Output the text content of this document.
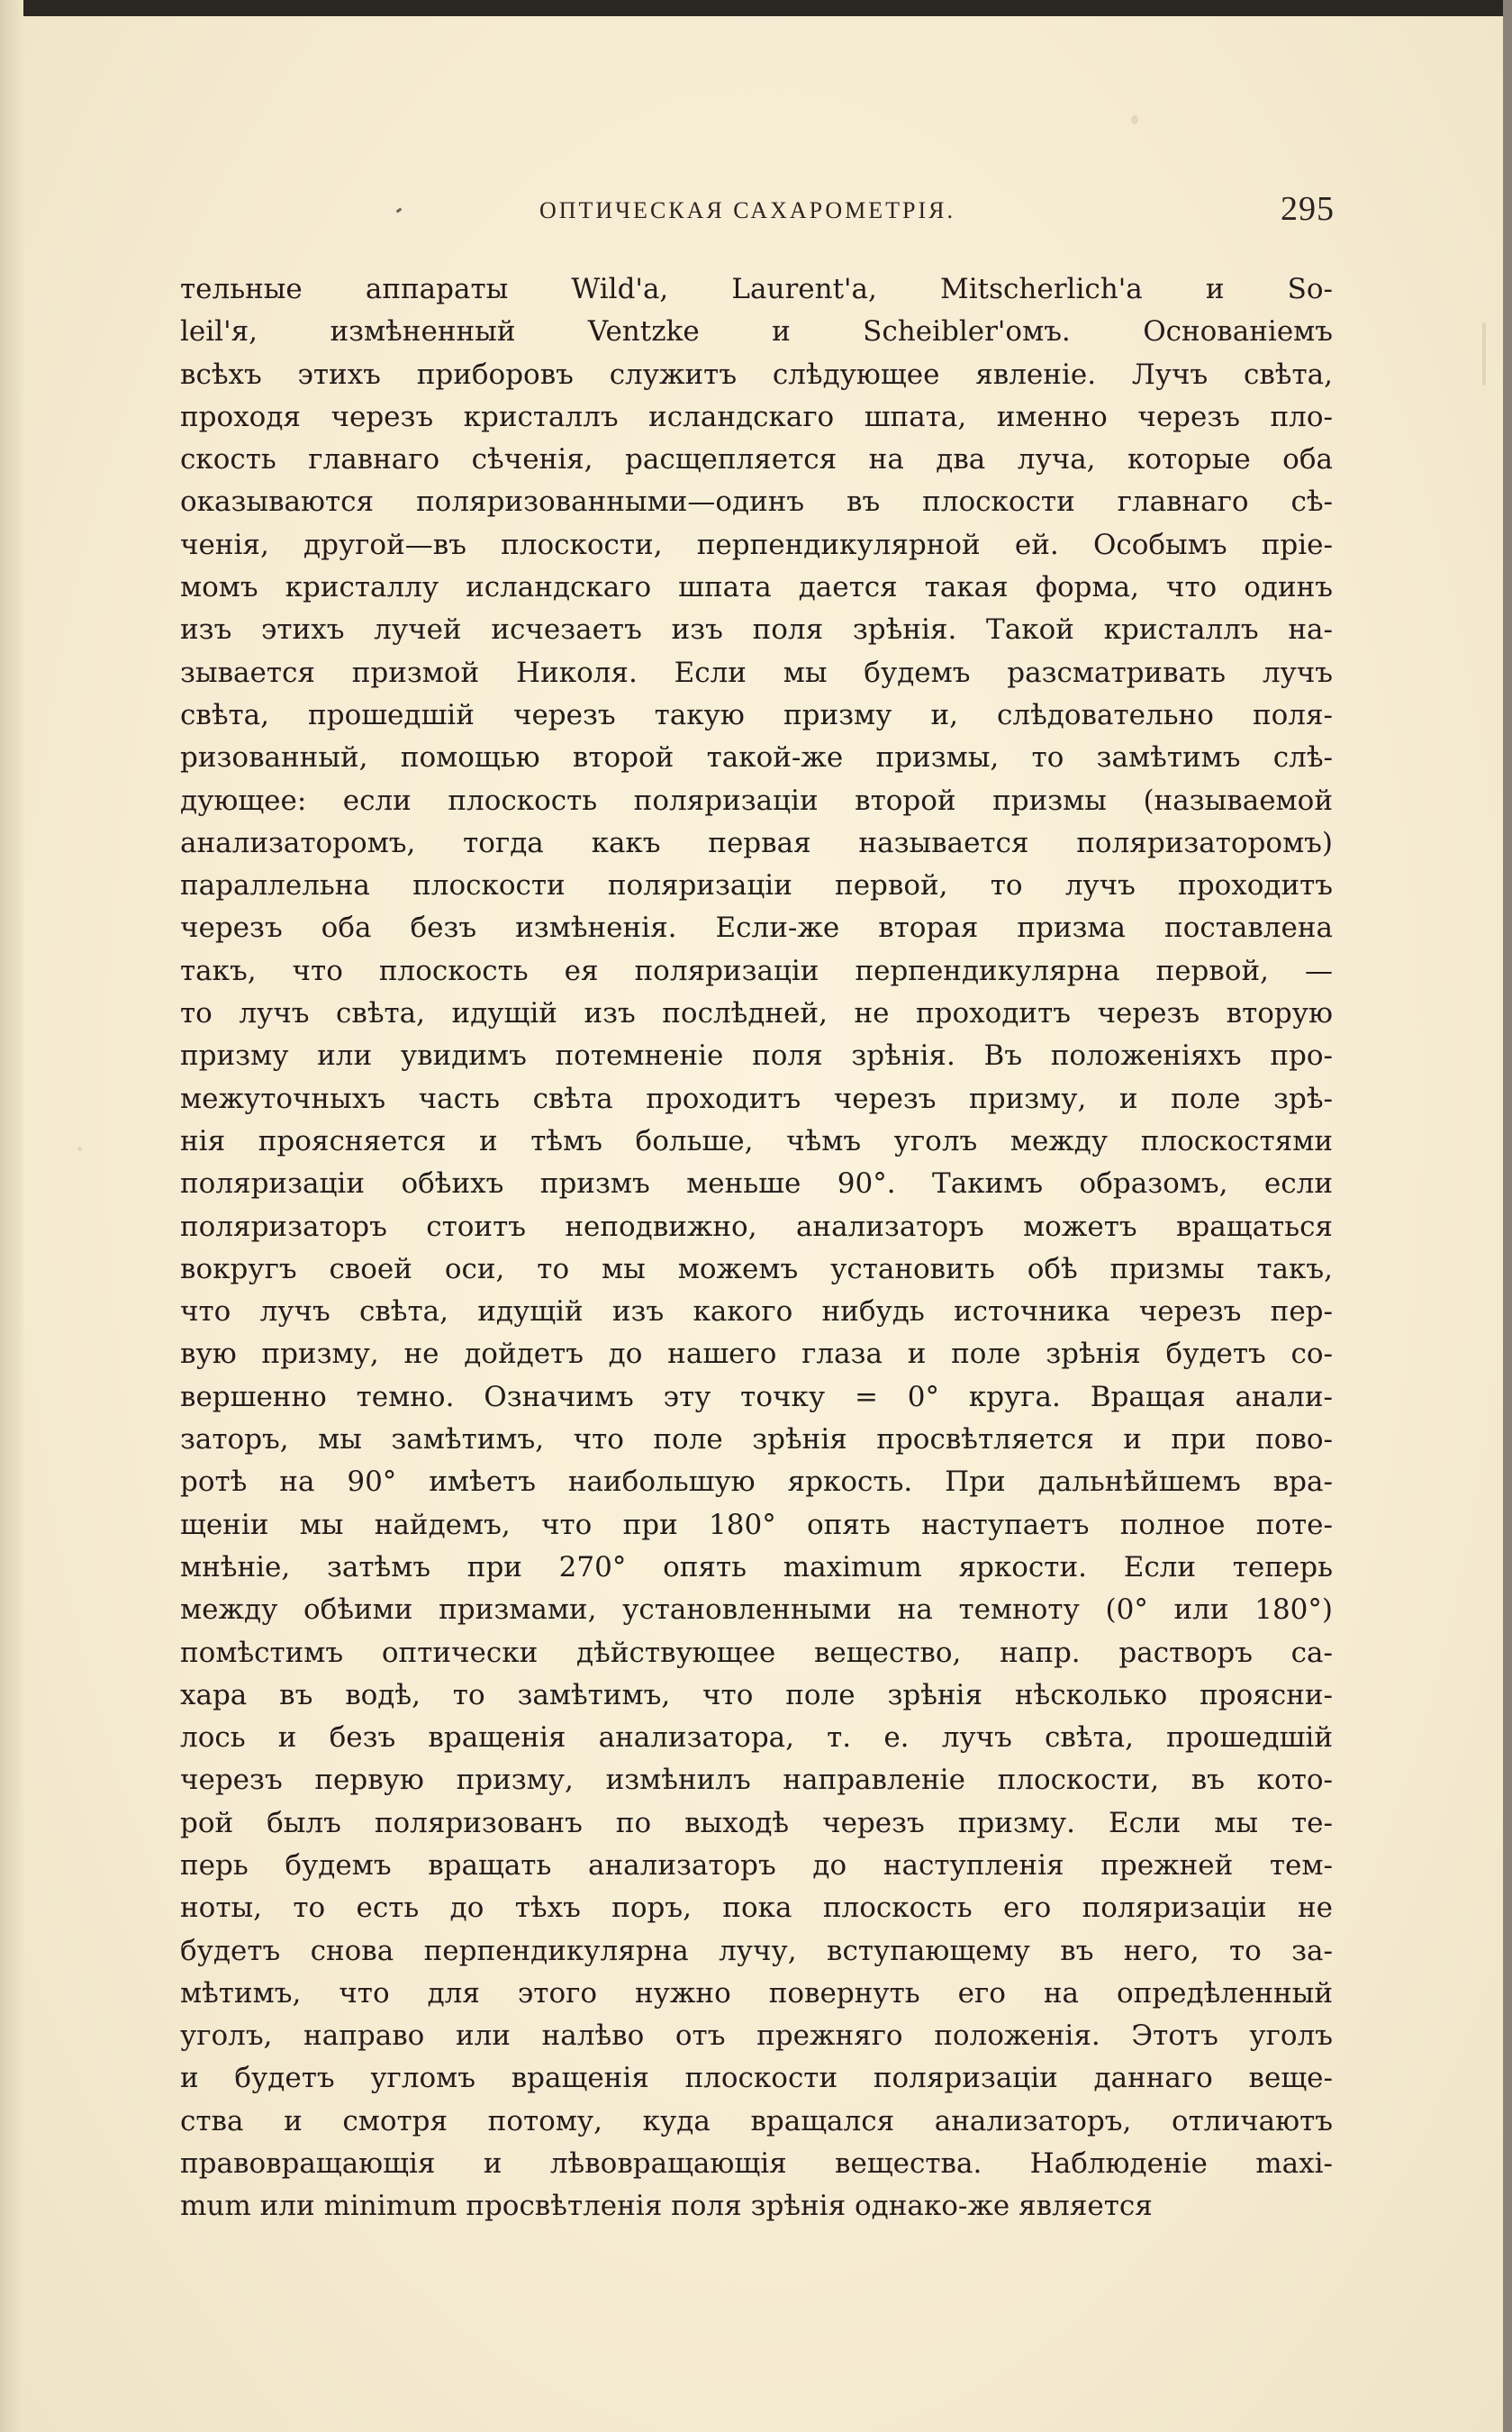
ОПТИЧЕСКАЯ САХАРОМЕТРІЯ.	295
тельные аппараты Wild'a, Laurent'a, Mitscherlich'a и So-
leil'я, измѣненный Ventzke и Scheibler'омъ. Основаніемъ
всѣхъ этихъ приборовъ служитъ слѣдующее явленіе. Лучъ свѣта,
проходя черезъ кристаллъ исландскаго шпата, именно черезъ пло-
скость главнаго сѣченія, расщепляется на два луча, которые оба
оказываются поляризованными—одинъ въ плоскости главнаго сѣ-
ченія, другой—въ плоскости, перпендикулярной ей. Особымъ пріе-
момъ кристаллу исландскаго шпата дается такая форма, что одинъ
изъ этихъ лучей исчезаетъ изъ поля зрѣнія. Такой кристаллъ на-
зывается призмой Николя. Если мы будемъ разсматривать лучъ
свѣта, прошедшій черезъ такую призму и, слѣдовательно поля-
ризованный, помощью второй такой-же призмы, то замѣтимъ слѣ-
дующее: если плоскость поляризаціи второй призмы (называемой
анализаторомъ, тогда какъ первая называется поляризаторомъ)
параллельна плоскости поляризаціи первой, то лучъ проходитъ
черезъ оба безъ измѣненія. Если-же вторая призма поставлена
такъ, что плоскость ея поляризаціи перпендикулярна первой, —
то лучъ свѣта, идущій изъ послѣдней, не проходитъ черезъ вторую
призму или увидимъ потемненіе поля зрѣнія. Въ положеніяхъ про-
межуточныхъ часть свѣта проходитъ черезъ призму, и поле зрѣ-
нія проясняется и тѣмъ больше, чѣмъ уголъ между плоскостями
поляризаціи обѣихъ призмъ меньше 90°. Такимъ образомъ, если
поляризаторъ стоитъ неподвижно, анализаторъ можетъ вращаться
вокругъ своей оси, то мы можемъ установить обѣ призмы такъ,
что лучъ свѣта, идущій изъ какого нибудь источника черезъ пер-
вую призму, не дойдетъ до нашего глаза и поле зрѣнія будетъ со-
вершенно темно. Означимъ эту точку = 0° круга. Вращая анали-
заторъ, мы замѣтимъ, что поле зрѣнія просвѣтляется и при пово-
ротѣ на 90° имѣетъ наибольшую яркость. При дальнѣйшемъ вра-
щеніи мы найдемъ, что при 180° опять наступаетъ полное поте-
мнѣніе, затѣмъ при 270° опять maximum яркости. Если теперь
между обѣими призмами, установленными на темноту (0° или 180°)
помѣстимъ оптически дѣйствующее вещество, напр. растворъ са-
хара въ водѣ, то замѣтимъ, что поле зрѣнія нѣсколько проясни-
лось и безъ вращенія анализатора, т. е. лучъ свѣта, прошедшій
черезъ первую призму, измѣнилъ направленіе плоскости, въ кото-
рой былъ поляризованъ по выходѣ черезъ призму. Если мы те-
перь будемъ вращать анализаторъ до наступленія прежней тем-
ноты, то есть до тѣхъ поръ, пока плоскость его поляризаціи не
будетъ снова перпендикулярна лучу, вступающему въ него, то за-
мѣтимъ, что для этого нужно повернуть его на опредѣленный
уголъ, направо или налѣво отъ прежняго положенія. Этотъ уголъ
и будетъ угломъ вращенія плоскости поляризаціи даннаго веще-
ства и смотря потому, куда вращался анализаторъ, отличаютъ
правовращающія и лѣвовращающія вещества. Наблюденіе maxi-
mum или minimum просвѣтленія поля зрѣнія однако-же является
